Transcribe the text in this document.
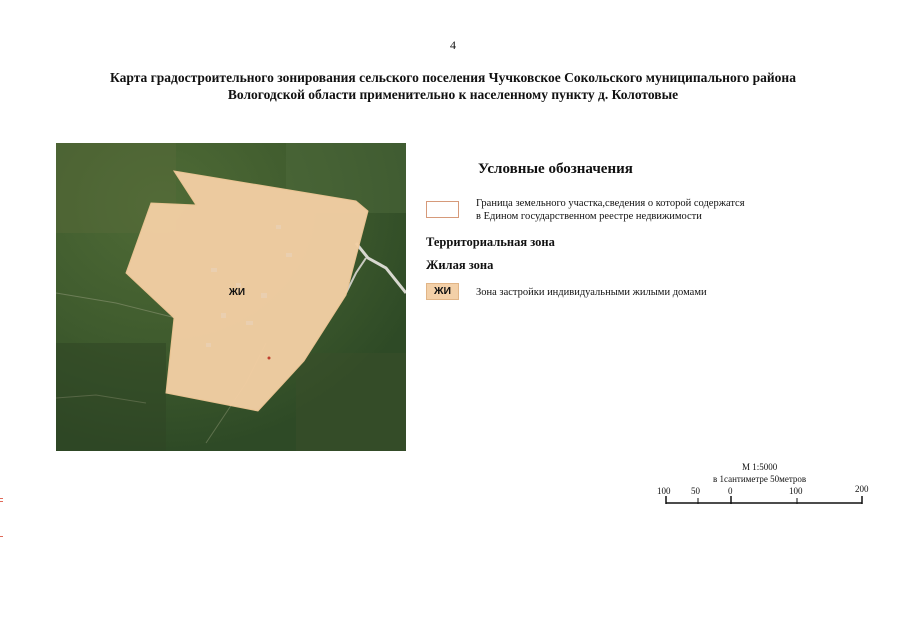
4
Карта градостроительного зонирования сельского поселения Чучковское Сокольского муниципального района
Вологодской области применительно к населенному пункту д. Колотовые
ЖИ
Условные обозначения
Граница земельного участка,сведения о которой содержатся
в Едином государственном реестре недвижимости
Территориальная зона
Жилая зона
ЖИ	Зона застройки индивидуальными жилыми домами
М 1:5000
в 1сантиметре 50метров
100 50	0	100	200
